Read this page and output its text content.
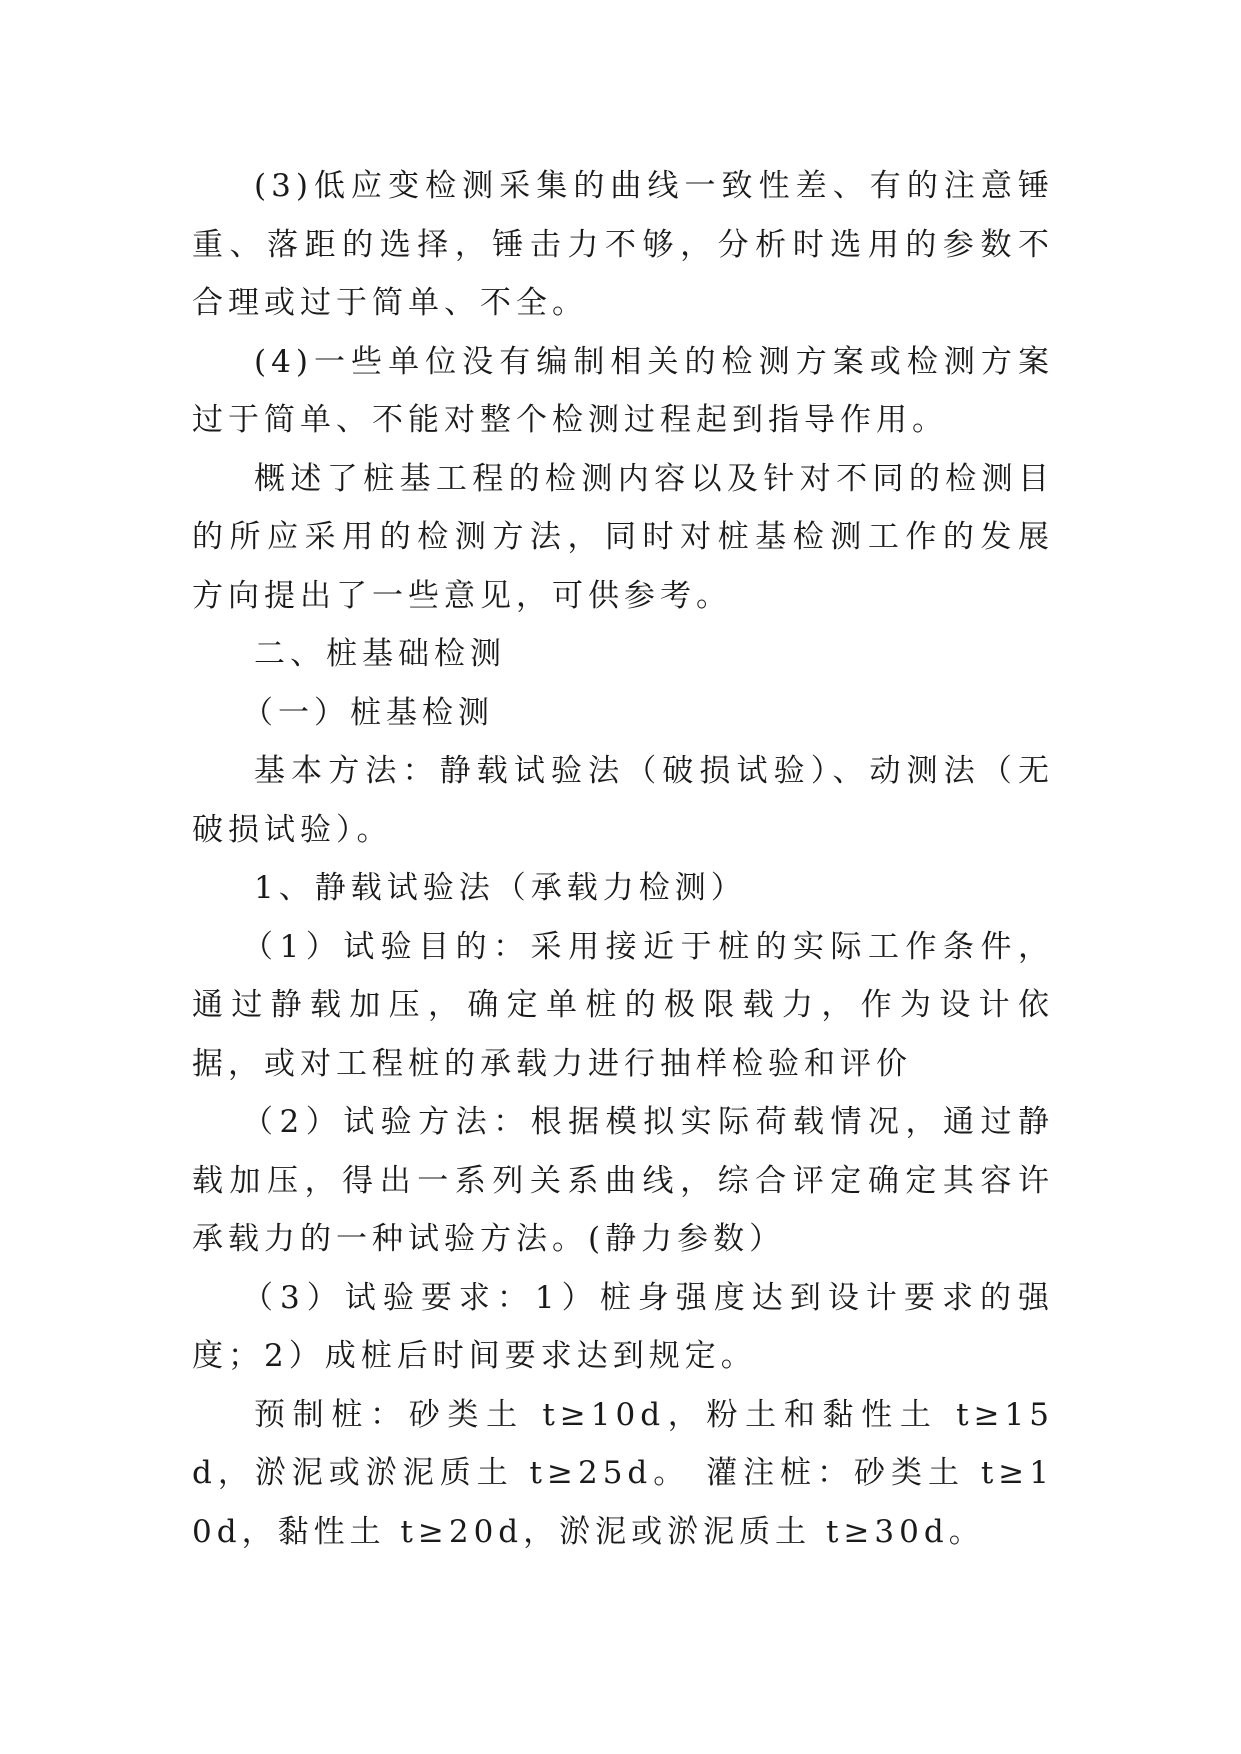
(3)低应变检测采集的曲线一致性差、有的注意锤重、落距的选择，锤击力不够，分析时选用的参数不合理或过于简单、不全。

(4)一些单位没有编制相关的检测方案或检测方案过于简单、不能对整个检测过程起到指导作用。

概述了桩基工程的检测内容以及针对不同的检测目的所应采用的检测方法，同时对桩基检测工作的发展方向提出了一些意见，可供参考。

二、桩基础检测

（一）桩基检测

基本方法：静载试验法（破损试验）、动测法（无破损试验）。

1、静载试验法（承载力检测）

（1）试验目的：采用接近于桩的实际工作条件，通过静载加压，确定单桩的极限载力，作为设计依据，或对工程桩的承载力进行抽样检验和评价

（2）试验方法：根据模拟实际荷载情况，通过静载加压，得出一系列关系曲线，综合评定确定其容许承载力的一种试验方法。(静力参数）

（3）试验要求：1）桩身强度达到设计要求的强度；2）成桩后时间要求达到规定。

预制桩：砂类土 t≥10d，粉土和黏性土 t≥15d，淤泥或淤泥质土 t≥25d。 灌注桩：砂类土 t≥10d，黏性土 t≥20d，淤泥或淤泥质土 t≥30d。
